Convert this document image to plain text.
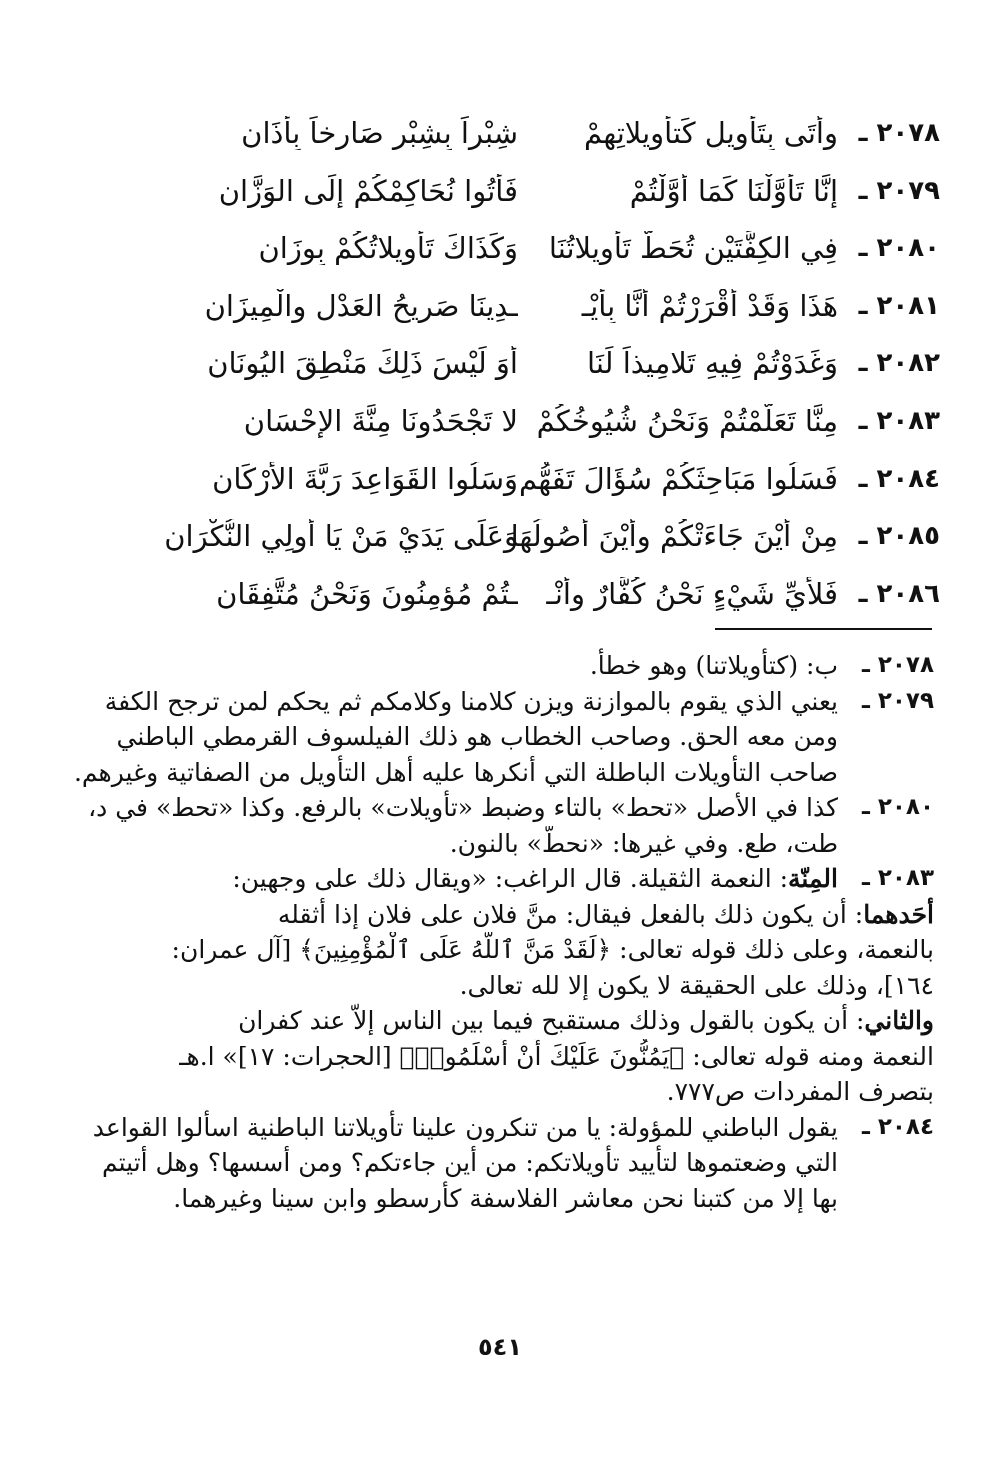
٢٠٧٨ ـ
وأتَى بِتَأويلٍ كَتأويلاتِهِمْ
شِبْراً بِشِبْرٍ صَارِخاً بِأذَانِ
٢٠٧٩ ـ
إنَّا تَأوَّلْنَا كَمَا أوَّلْتُمْ
فَأتُوا نُحَاكِمْكُمْ إلَى الوَزَّانِ
٢٠٨٠ ـ
فِي الكِفَّتَيْنِ تُحَطُّ تَأويلاتُنَا
وَكَذَاكَ تَأويلاتُكُمْ بِوِزَانِ
٢٠٨١ ـ
هَذَا وَقَدْ أقْرَرْتُمْ أنَّا بِأيْـ
ـدِينَا صَرِيحُ العَدْلِ والْمِيزَانِ
٢٠٨٢ ـ
وَغَدَوْتُمْ فِيهِ تَلامِيذاً لَنَا
أوَ لَيْسَ ذَلِكَ مَنْطِقَ اليُونَانِ
٢٠٨٣ ـ
مِنَّا تَعَلَّمْتُمْ وَنَحْنُ شُيُوخُكُمْ
لا تَجْحَدُونَا مِنَّةَ الإحْسَانِ
٢٠٨٤ ـ
فَسَلُوا مَبَاحِثَكُمْ سُؤَالَ تَفَهُّمٍ
وَسَلُوا القَوَاعِدَ رَبَّةَ الأرْكَانِ
٢٠٨٥ ـ
مِنْ أيْنَ جَاءَتْكُمْ وأيْنَ أُصُولُهَا
وَعَلَى يَدَيْ مَنْ يَا أولِي النُّكْرَانِ
٢٠٨٦ ـ
فَلأَيِّ شَيْءٍ نَحْنُ كُفَّارٌ وأنْـ
ـتُمْ مُؤمِنُونَ وَنَحْنُ مُتَّفِقَانِ
٢٠٧٨ ـ
ب: (كتأويلاتنا) وهو خطأ.
٢٠٧٩ ـ
يعني الذي يقوم بالموازنة ويزن كلامنا وكلامكم ثم يحكم لمن ترجح الكفة
ومن معه الحق. وصاحب الخطاب هو ذلك الفيلسوف القرمطي الباطني
صاحب التأويلات الباطلة التي أنكرها عليه أهل التأويل من الصفاتية وغيرهم.
٢٠٨٠ ـ
كذا في الأصل «تحط» بالتاء وضبط «تأويلات» بالرفع. وكذا «تحط» في د،
طت، طع. وفي غيرها: «نحطّ» بالنون.
٢٠٨٣ ـ
المِنّة: النعمة الثقيلة. قال الراغب: «ويقال ذلك على وجهين:
أحَدهما: أن يكون ذلك بالفعل فيقال: منَّ فلان على فلان إذا أثقله
بالنعمة، وعلى ذلك قوله تعالى: ﴿لَقَدْ مَنَّ ٱللَّهُ عَلَى ٱلْمُؤْمِنِينَ﴾ [آل عمران:
١٦٤]، وذلك على الحقيقة لا يكون إلا لله تعالى.
والثاني: أن يكون بالقول وذلك مستقبح فيما بين الناس إلاّ عند كفران
النعمة ومنه قوله تعالى: ﴿يَمُنُّونَ عَلَيْكَ أَنْ أَسْلَمُوا۟﴾ [الحجرات: ١٧]» ا.هـ
بتصرف المفردات ص٧٧٧.
٢٠٨٤ ـ
يقول الباطني للمؤولة: يا من تنكرون علينا تأويلاتنا الباطنية اسألوا القواعد
التي وضعتموها لتأييد تأويلاتكم: من أين جاءتكم؟ ومن أسسها؟ وهل أتيتم
بها إلا من كتبنا نحن معاشر الفلاسفة كأرسطو وابن سينا وغيرهما.
٥٤١
